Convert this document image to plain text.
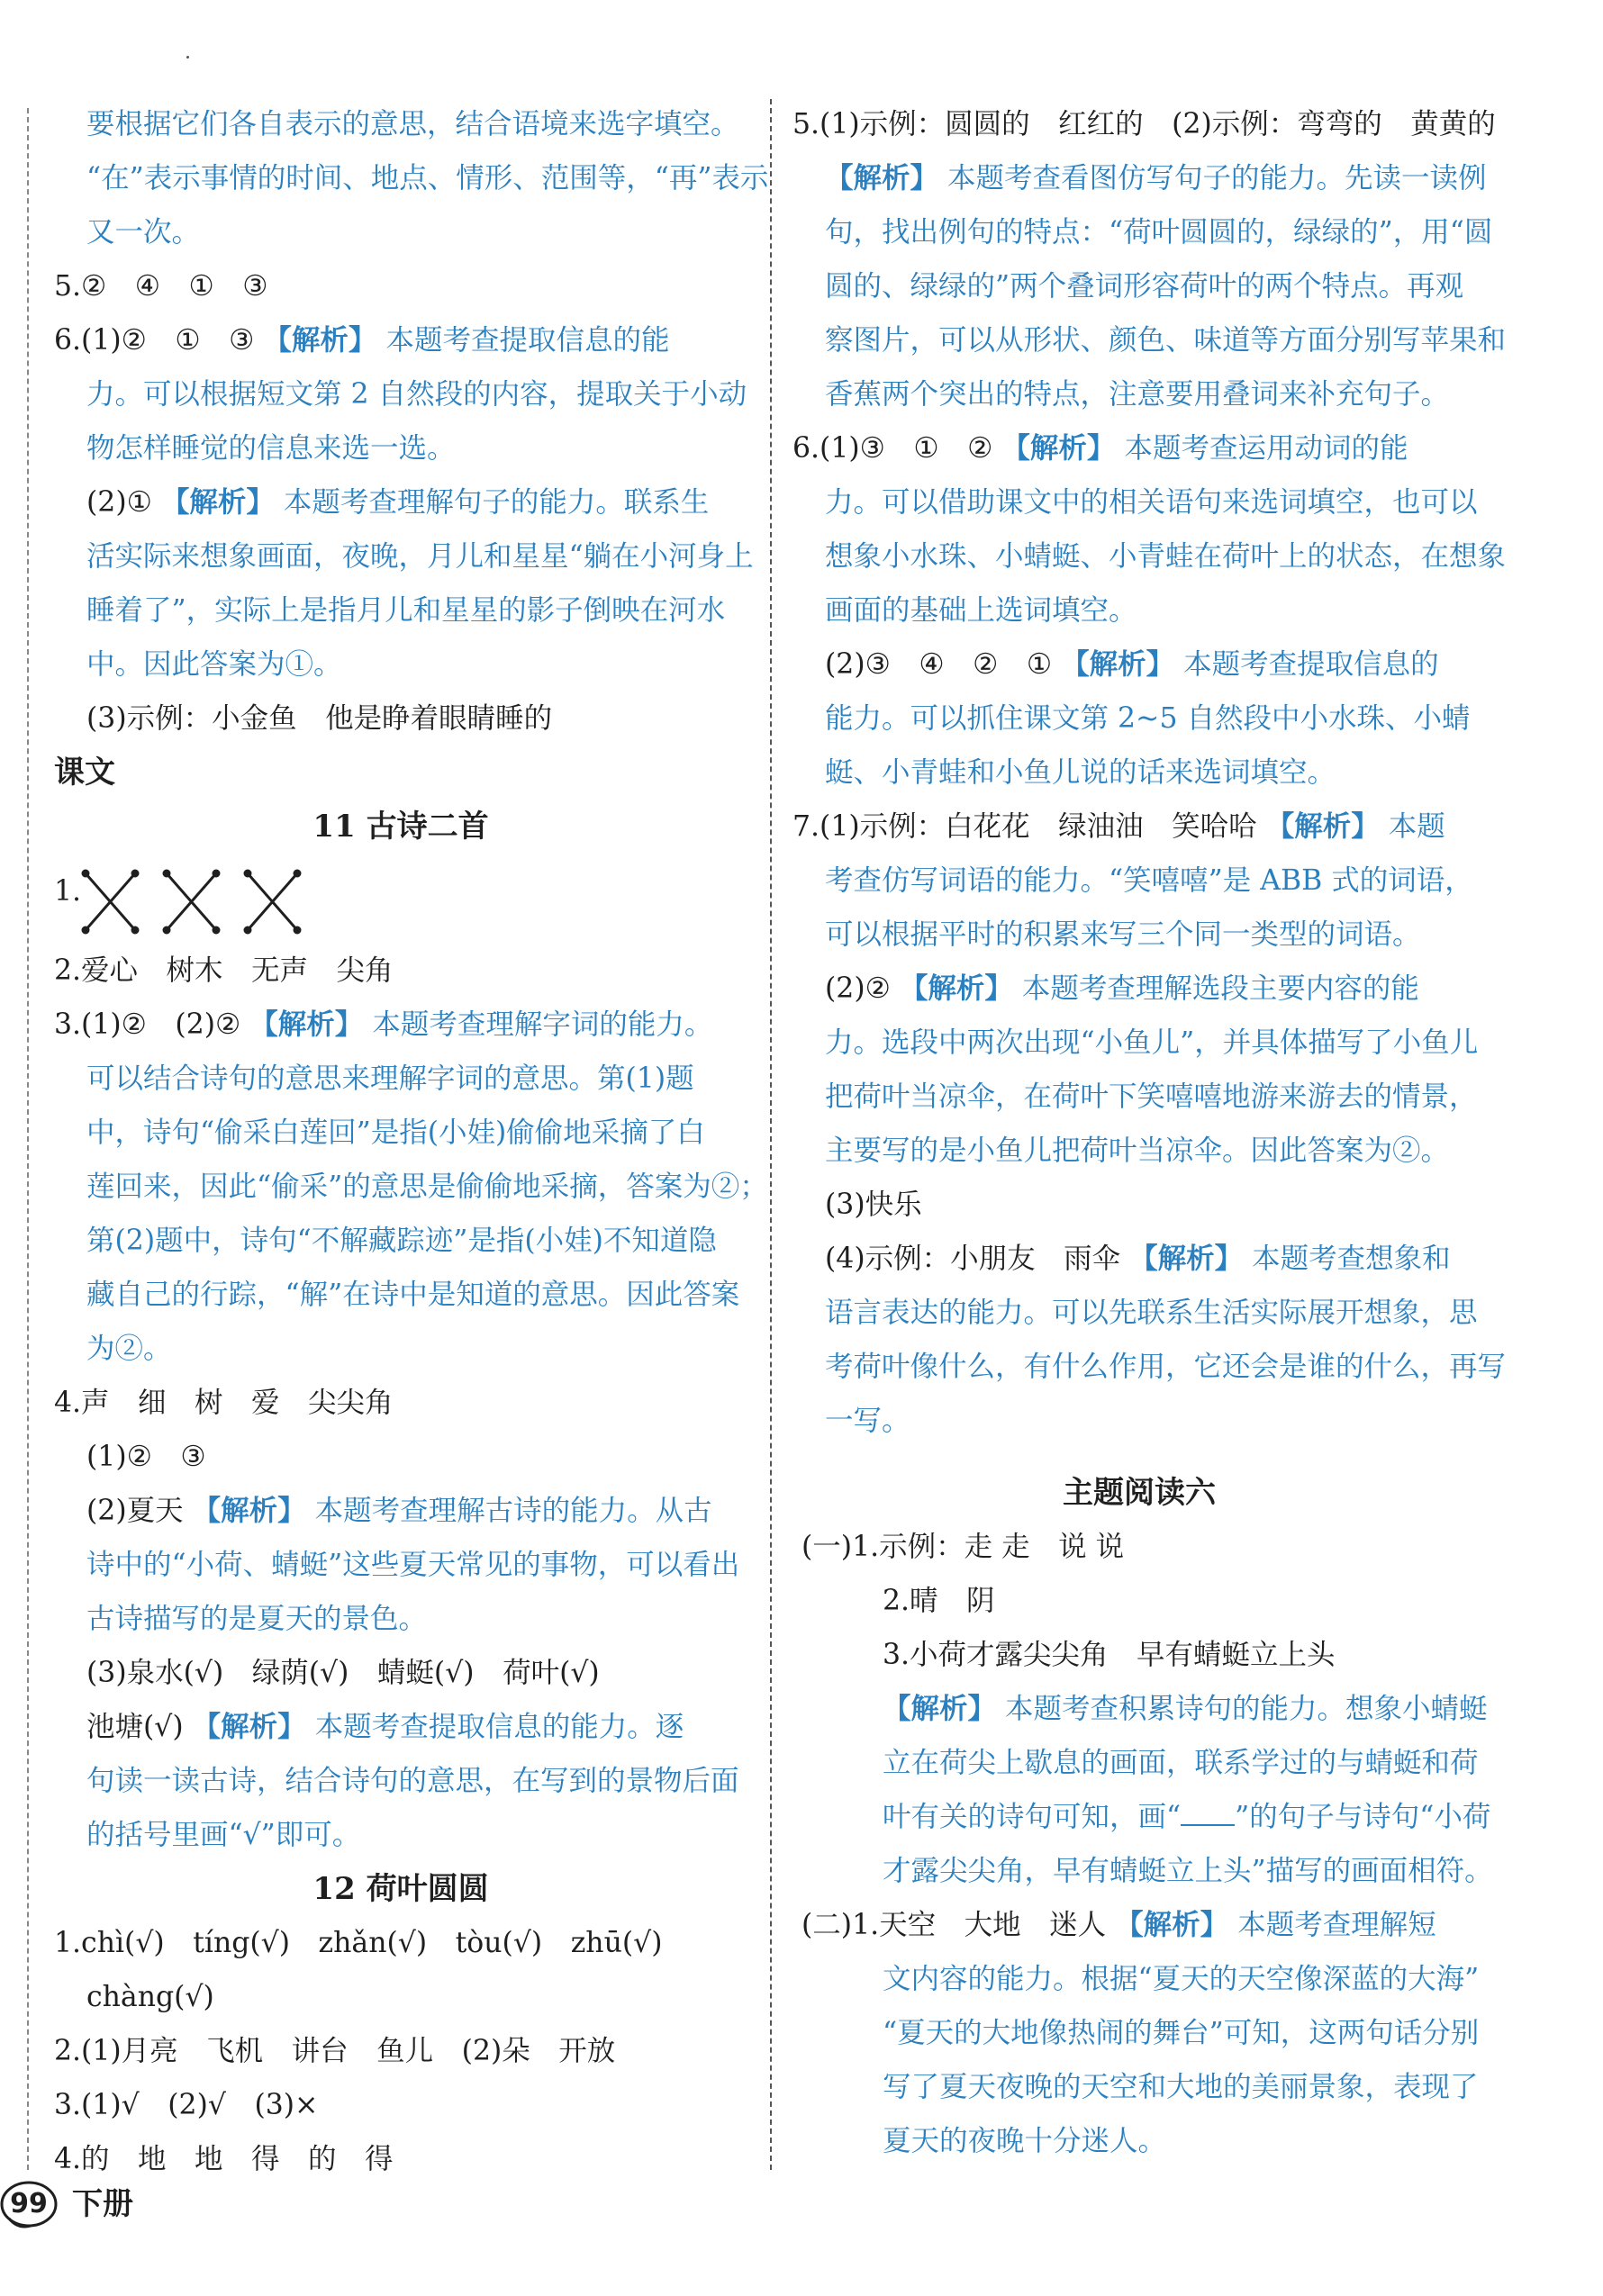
要根据它们各自表示的意思，结合语境来选字填空。
“在”表示事情的时间、地点、情形、范围等，“再”表示
又一次。
5.②　④　①　③
6.(1)②　①　③ 【解析】 本题考查提取信息的能
力。可以根据短文第 2 自然段的内容，提取关于小动
物怎样睡觉的信息来选一选。
(2)① 【解析】 本题考查理解句子的能力。联系生
活实际来想象画面，夜晚，月儿和星星“躺在小河身上
睡着了”，实际上是指月儿和星星的影子倒映在河水
中。因此答案为①。
(3)示例：小金鱼　他是睁着眼睛睡的
课文
11 古诗二首
1.
2.爱心　树木　无声　尖角
3.(1)②　(2)② 【解析】 本题考查理解字词的能力。
可以结合诗句的意思来理解字词的意思。第(1)题
中，诗句“偷采白莲回”是指(小娃)偷偷地采摘了白
莲回来，因此“偷采”的意思是偷偷地采摘，答案为②；
第(2)题中，诗句“不解藏踪迹”是指(小娃)不知道隐
藏自己的行踪，“解”在诗中是知道的意思。因此答案
为②。
4.声　细　树　爱　尖尖角
(1)②　③
(2)夏天 【解析】 本题考查理解古诗的能力。从古
诗中的“小荷、蜻蜓”这些夏天常见的事物，可以看出
古诗描写的是夏天的景色。
(3)泉水(√)　绿荫(√)　蜻蜓(√)　荷叶(√)
池塘(√) 【解析】 本题考查提取信息的能力。逐
句读一读古诗，结合诗句的意思，在写到的景物后面
的括号里画“√”即可。
12 荷叶圆圆
1.chì(√)　tíng(√)　zhǎn(√)　tòu(√)　zhū(√)
chàng(√)
2.(1)月亮　飞机　讲台　鱼儿　(2)朵　开放
3.(1)√　(2)√　(3)×
4.的　地　地　得　的　得
5.(1)示例：圆圆的　红红的　(2)示例：弯弯的　黄黄的
【解析】 本题考查看图仿写句子的能力。先读一读例
句，找出例句的特点：“荷叶圆圆的，绿绿的”，用“圆
圆的、绿绿的”两个叠词形容荷叶的两个特点。再观
察图片，可以从形状、颜色、味道等方面分别写苹果和
香蕉两个突出的特点，注意要用叠词来补充句子。
6.(1)③　①　② 【解析】 本题考查运用动词的能
力。可以借助课文中的相关语句来选词填空，也可以
想象小水珠、小蜻蜓、小青蛙在荷叶上的状态，在想象
画面的基础上选词填空。
(2)③　④　②　① 【解析】 本题考查提取信息的
能力。可以抓住课文第 2~5 自然段中小水珠、小蜻
蜓、小青蛙和小鱼儿说的话来选词填空。
7.(1)示例：白花花　绿油油　笑哈哈 【解析】 本题
考查仿写词语的能力。“笑嘻嘻”是 ABB 式的词语，
可以根据平时的积累来写三个同一类型的词语。
(2)② 【解析】 本题考查理解选段主要内容的能
力。选段中两次出现“小鱼儿”，并具体描写了小鱼儿
把荷叶当凉伞，在荷叶下笑嘻嘻地游来游去的情景，
主要写的是小鱼儿把荷叶当凉伞。因此答案为②。
(3)快乐
(4)示例：小朋友　雨伞 【解析】 本题考查想象和
语言表达的能力。可以先联系生活实际展开想象，思
考荷叶像什么，有什么作用，它还会是谁的什么，再写
一写。
主题阅读六
(一)1.示例：走 走　说 说
2.晴　阴
3.小荷才露尖尖角　早有蜻蜓立上头
【解析】 本题考查积累诗句的能力。想象小蜻蜓
立在荷尖上歇息的画面，联系学过的与蜻蜓和荷
叶有关的诗句可知，画“ ”的句子与诗句“小荷
才露尖尖角，早有蜻蜓立上头”描写的画面相符。
(二)1.天空　大地　迷人 【解析】 本题考查理解短
文内容的能力。根据“夏天的天空像深蓝的大海”
“夏天的大地像热闹的舞台”可知，这两句话分别
写了夏天夜晚的天空和大地的美丽景象，表现了
夏天的夜晚十分迷人。
99 下册
